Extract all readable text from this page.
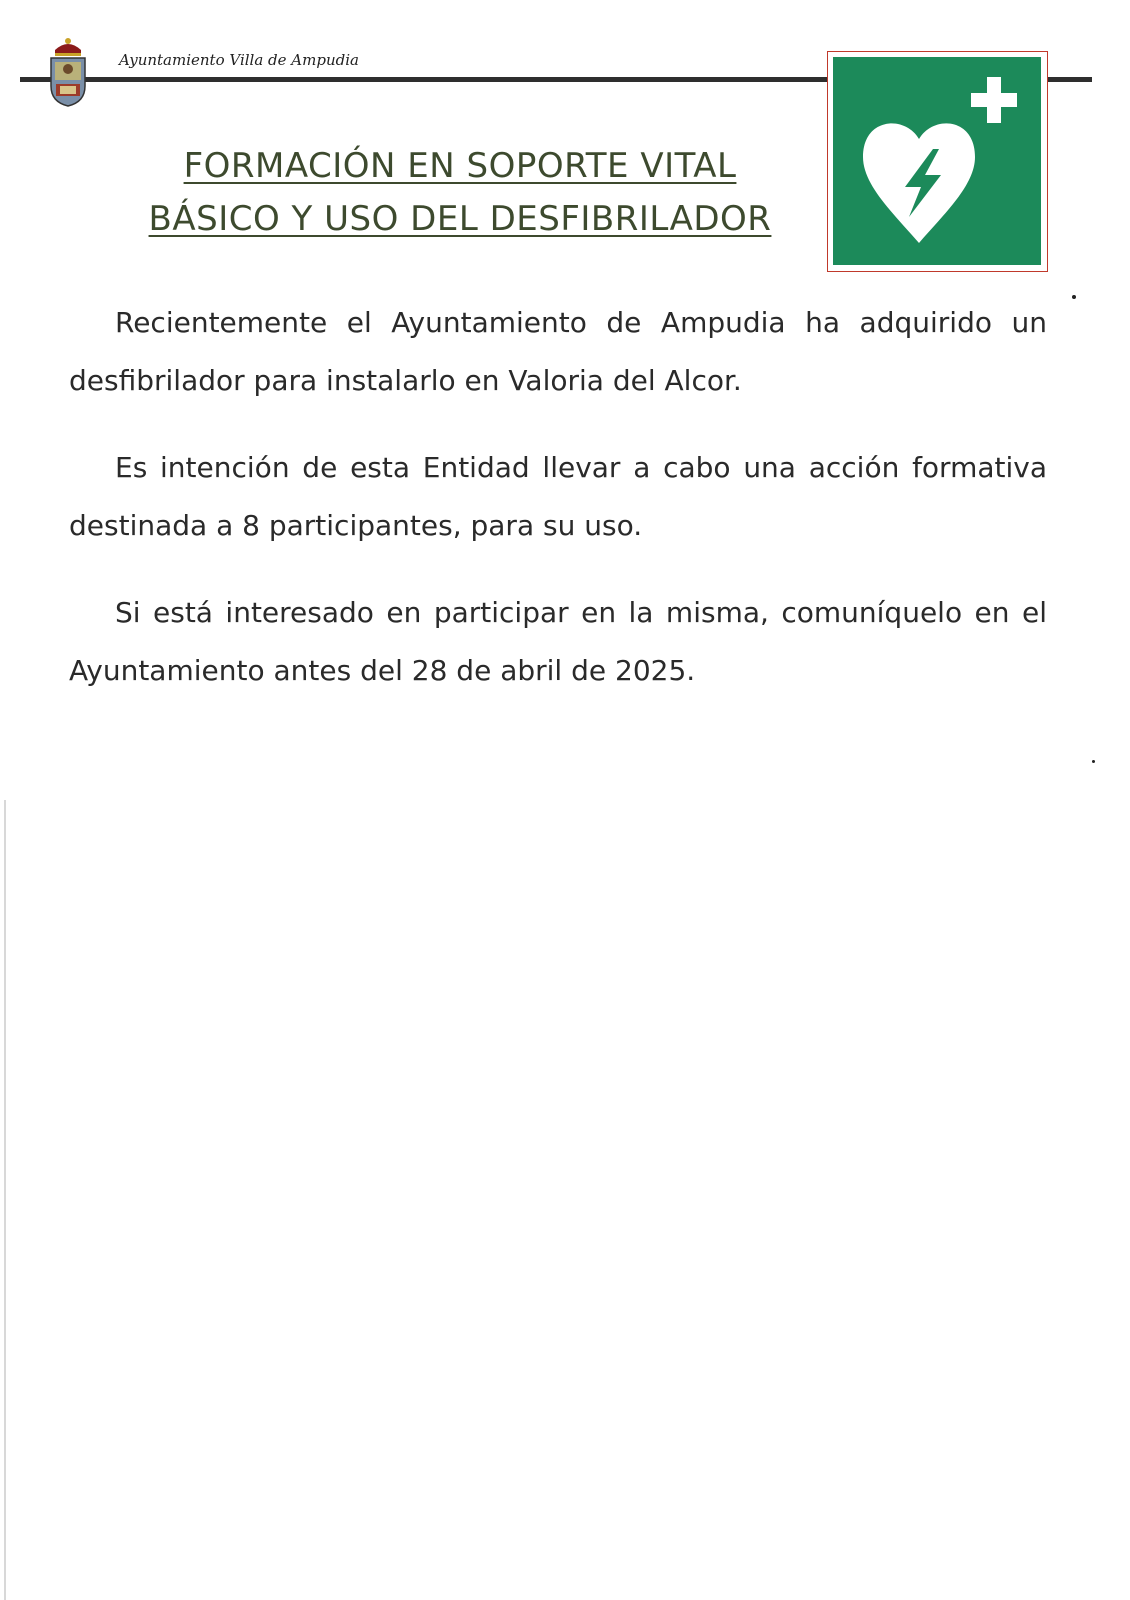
Ayuntamiento Villa de Ampudia
FORMACIÓN EN SOPORTE VITAL
BÁSICO Y USO DEL DESFIBRILADOR

Recientemente el Ayuntamiento de Ampudia ha adquirido un desfibrilador para instalarlo en Valoria del Alcor.

Es intención de esta Entidad llevar a cabo una acción formativa destinada a 8 participantes, para su uso.

Si está interesado en participar en la misma, comuníquelo en el Ayuntamiento antes del 28 de abril de 2025.
